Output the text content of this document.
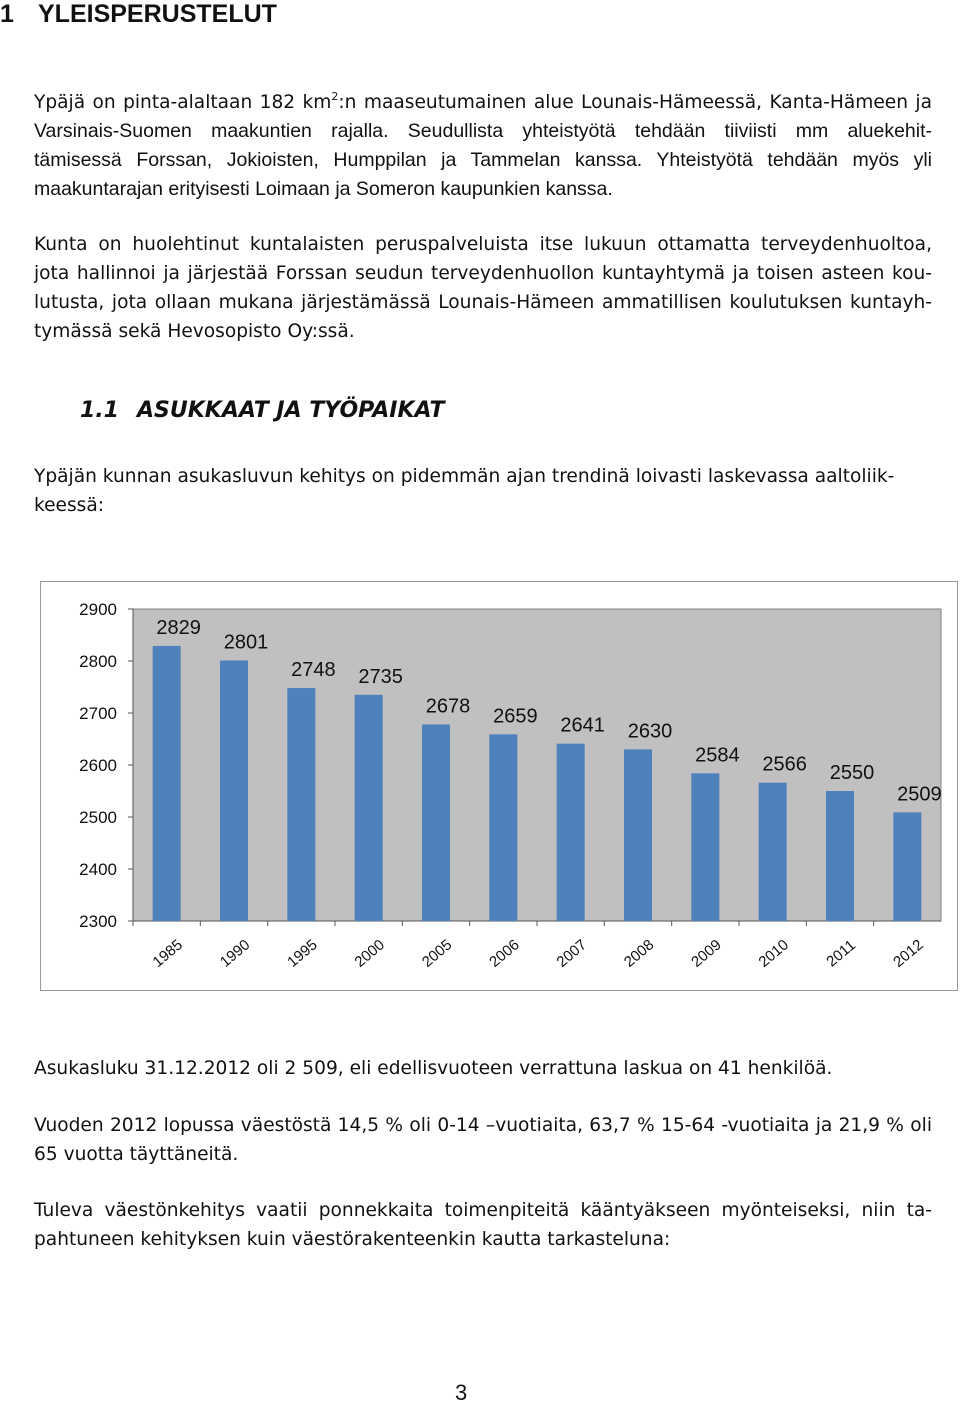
1 YLEISPERUSTELUT
Ypäjä on pinta-alaltaan 182 $km^2:n$ maaseutumainen alue Lounais-Hämeessä, Kanta-Hämeen ja
Varsinais-Suomen maakuntien rajalla. Seudullista yhteistyötä tehdään tiiviisti mm aluekehit-
tämisessä Forssan, Jokioisten, Humppilan ja Tammelan kanssa. Yhteistyötä tehdään myös yli
maakuntarajan erityisesti Loimaan ja Someron kaupunkien kanssa.
Kunta on huolehtinut kuntalaisten peruspalveluista itse lukuun ottamatta terveydenhuoltoa,
jota hallinnoi ja järjestää Forssan seudun terveydenhuollon kuntayhtymä ja toisen asteen kou-
lutusta, jota ollaan mukana järjestämässä Lounais-Hämeen ammatillisen koulutuksen kuntayh-
tymässä sekä Hevosopisto Oy:ssä.
1.1 ASUKKAAT JA TYÖPAIKAT
Ypäjän kunnan asukasluvun kehitys on pidemmän ajan trendinä loivasti laskevassa aaltoliik-
keessä:
2900
2800
2700
2600
2500
2400
2300
2829
1985
2801
1990
2748
1995
2735
2000
2678
2005
2659
2006
2641
2007
2630
2008
2584
2009
2566
2010
2550
2011
2509
2012
Asukasluku 31.12.2012 oli 2 509, eli edellisvuoteen verrattuna laskua on 41 henkilöä.
Vuoden 2012 lopussa väestöstä 14,5 % oli 0-14 –vuotiaita, 63,7 % 15-64 -vuotiaita ja 21,9 % oli
65 vuotta täyttäneitä.
Tuleva väestönkehitys vaatii ponnekkaita toimenpiteitä kääntyäkseen myönteiseksi, niin ta-
pahtuneen kehityksen kuin väestörakenteenkin kautta tarkasteluna:
3
